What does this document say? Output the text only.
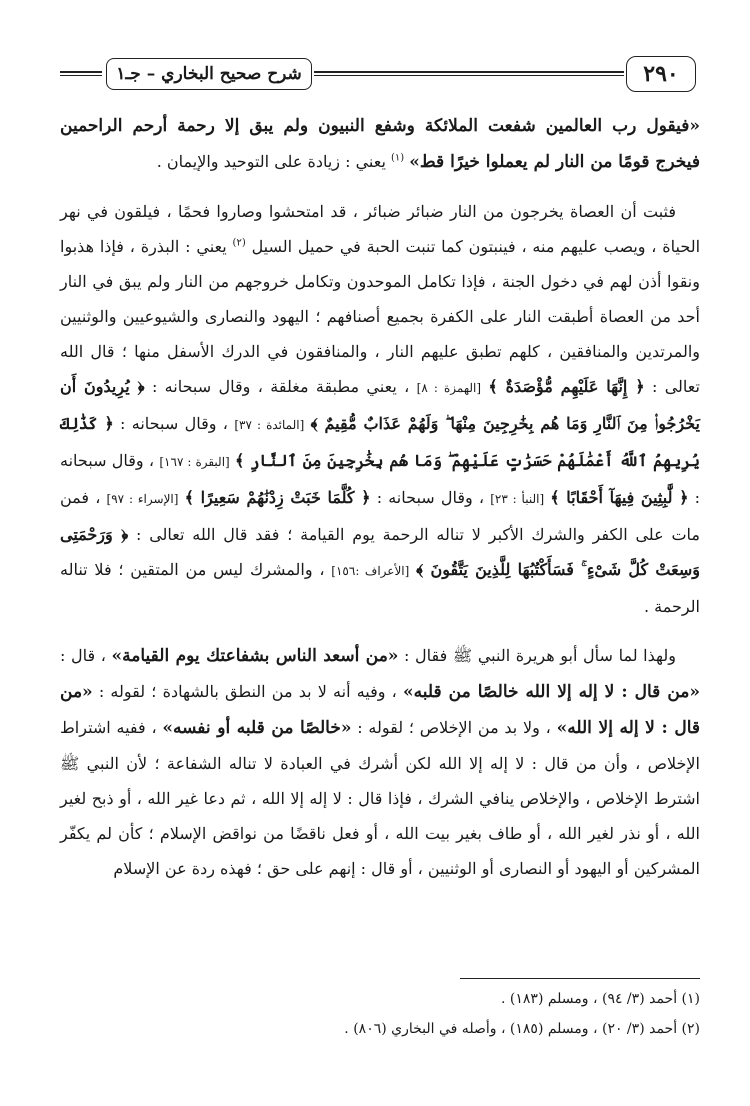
شرح صحيح البخاري – جـ١	٢٩٠

«فيقول رب العالمين شفعت الملائكة وشفع النبيون ولم يبق إلا رحمة أرحم الراحمين فيخرج قومًا من النار لم يعملوا خيرًا قط» $^{(١)}$ يعني : زيادة على التوحيد والإيمان .

فثبت أن العصاة يخرجون من النار ضبائر ضبائر ، قد امتحشوا وصاروا فحمًا ، فيلقون في نهر الحياة ، ويصب عليهم منه ، فينبتون كما تنبت الحبة في حميل السيل $^{(٢)}$ يعني : البذرة ، فإذا هذبوا ونقوا أذن لهم في دخول الجنة ، فإذا تكامل الموحدون وتكامل خروجهم من النار ولم يبق في النار أحد من العصاة أطبقت النار على الكفرة بجميع أصنافهم ؛ اليهود والنصارى والشيوعيين والوثنيين والمرتدين والمنافقين ، كلهم تطبق عليهم النار ، والمنافقون في الدرك الأسفل منها ؛ قال الله تعالى : ﴿ إِنَّهَا عَلَيْهِم مُّؤْصَدَةٌ ﴾ [الهمزة : ٨] ، يعني مطبقة مغلقة ، وقال سبحانه : ﴿ يُرِيدُونَ أَن يَخْرُجُوا۟ مِنَ ٱلنَّارِ وَمَا هُم بِخَٰرِجِينَ مِنْهَا ۖ وَلَهُمْ عَذَابٌ مُّقِيمٌ ﴾ [المائدة : ٣٧] ، وقال سبحانه : ﴿ كَذَٰلِكَ يُرِيهِمُ ٱللَّهُ أَعْمَٰلَهُمْ حَسَرَٰتٍ عَلَيْهِمْ ۖ وَمَا هُم بِخَٰرِجِينَ مِنَ ٱلنَّارِ ﴾ [البقرة : ١٦٧] ، وقال سبحانه : ﴿ لَّٰبِثِينَ فِيهَآ أَحْقَابًا ﴾ [النبأ : ٢٣] ، وقال سبحانه : ﴿ كُلَّمَا خَبَتْ زِدْنَٰهُمْ سَعِيرًا ﴾ [الإسراء : ٩٧] ، فمن مات على الكفر والشرك الأكبر لا تناله الرحمة يوم القيامة ؛ فقد قال الله تعالى : ﴿ وَرَحْمَتِى وَسِعَتْ كُلَّ شَىْءٍ ۚ فَسَأَكْتُبُهَا لِلَّذِينَ يَتَّقُونَ ﴾ [الأعراف :١٥٦] ، والمشرك ليس من المتقين ؛ فلا تناله الرحمة .

ولهذا لما سأل أبو هريرة النبي ﷺ فقال : «من أسعد الناس بشفاعتك يوم القيامة» ، قال : «من قال : لا إله إلا الله خالصًا من قلبه» ، وفيه أنه لا بد من النطق بالشهادة ؛ لقوله : «من قال : لا إله إلا الله» ، ولا بد من الإخلاص ؛ لقوله : «خالصًا من قلبه أو نفسه» ، ففيه اشتراط الإخلاص ، وأن من قال : لا إله إلا الله لكن أشرك في العبادة لا تناله الشفاعة ؛ لأن النبي ﷺ اشترط الإخلاص ، والإخلاص ينافي الشرك ، فإذا قال : لا إله إلا الله ، ثم دعا غير الله ، أو ذبح لغير الله ، أو نذر لغير الله ، أو طاف بغير بيت الله ، أو فعل ناقضًا من نواقض الإسلام ؛ كأن لم يكفّر المشركين أو اليهود أو النصارى أو الوثنيين ، أو قال : إنهم على حق ؛ فهذه ردة عن الإسلام

(١) أحمد (٣/ ٩٤) ، ومسلم (١٨٣) .
(٢) أحمد (٣/ ٢٠) ، ومسلم (١٨٥) ، وأصله في البخاري (٨٠٦) .
